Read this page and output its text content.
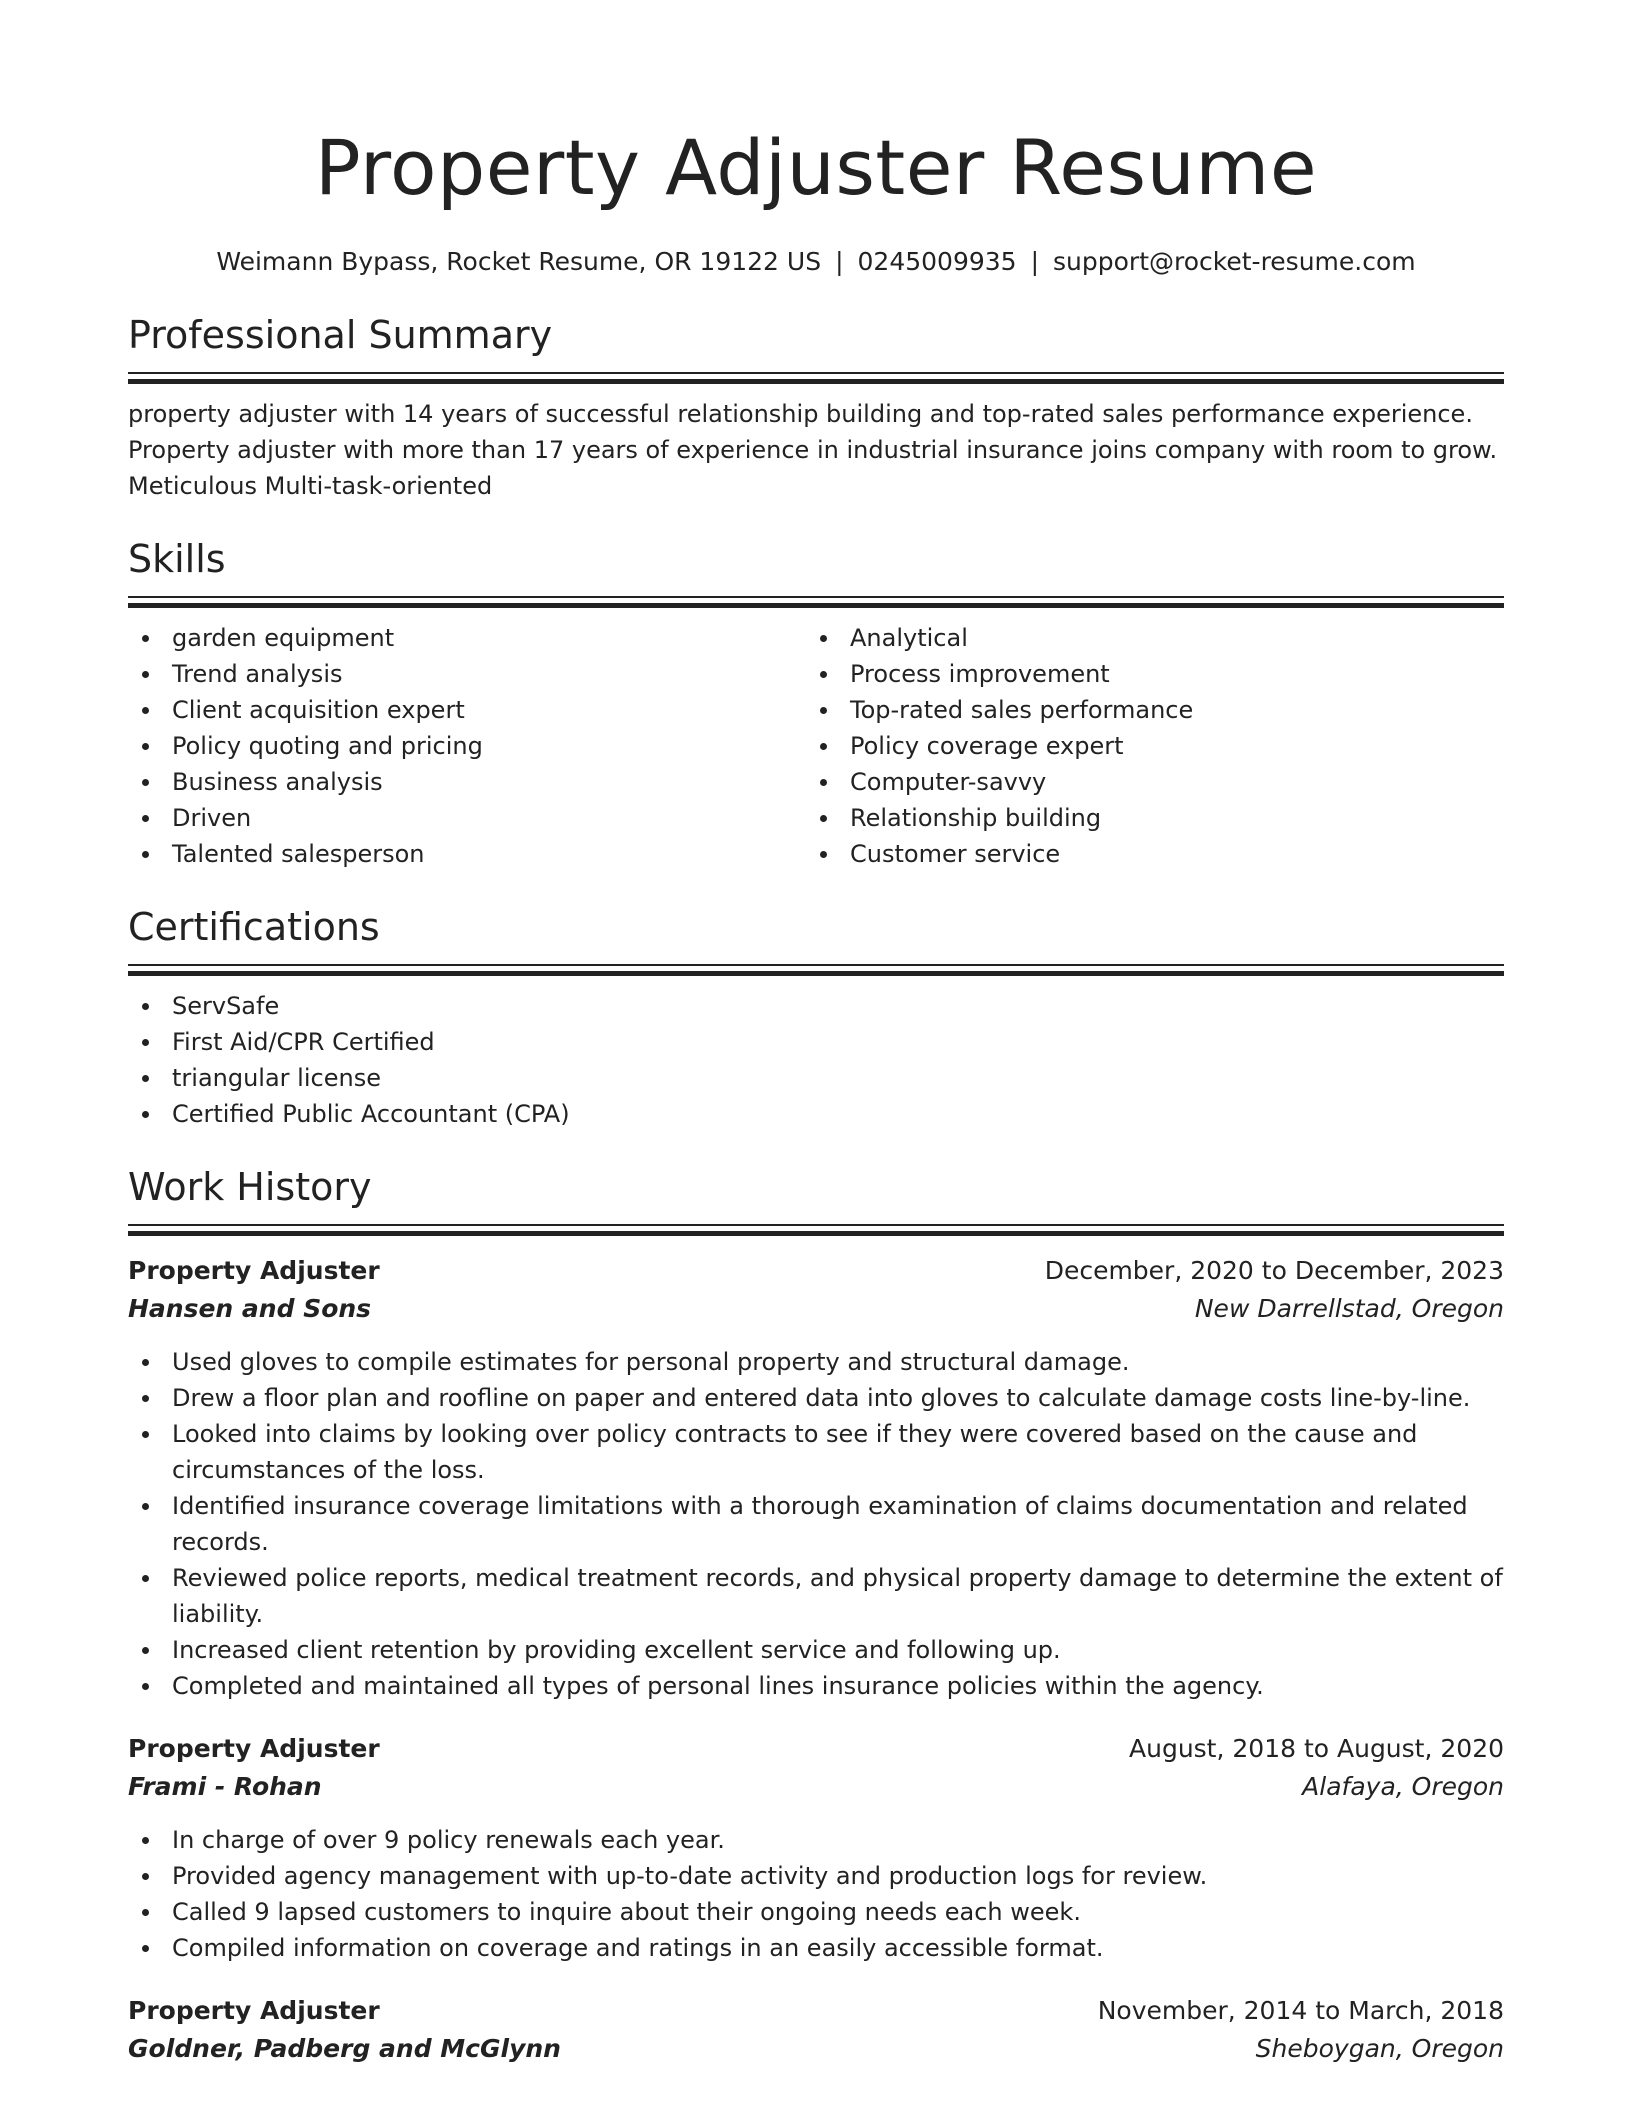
Property Adjuster Resume
Weimann Bypass, Rocket Resume, OR 19122 US | 0245009935 | support@rocket-resume.com
Professional Summary
property adjuster with 14 years of successful relationship building and top-rated sales performance experience.
Property adjuster with more than 17 years of experience in industrial insurance joins company with room to grow.
Meticulous Multi-task-oriented
Skills
garden equipment
Trend analysis
Client acquisition expert
Policy quoting and pricing
Business analysis
Driven
Talented salesperson
Analytical
Process improvement
Top-rated sales performance
Policy coverage expert
Computer-savvy
Relationship building
Customer service
Certifications
ServSafe
First Aid/CPR Certified
triangular license
Certified Public Accountant (CPA)
Work History
Property Adjuster	December, 2020 to December, 2023
Hansen and Sons	New Darrellstad, Oregon
Used gloves to compile estimates for personal property and structural damage.
Drew a floor plan and roofline on paper and entered data into gloves to calculate damage costs line-by-line.
Looked into claims by looking over policy contracts to see if they were covered based on the cause and circumstances of the loss.
Identified insurance coverage limitations with a thorough examination of claims documentation and related records.
Reviewed police reports, medical treatment records, and physical property damage to determine the extent of liability.
Increased client retention by providing excellent service and following up.
Completed and maintained all types of personal lines insurance policies within the agency.
Property Adjuster	August, 2018 to August, 2020
Frami - Rohan	Alafaya, Oregon
In charge of over 9 policy renewals each year.
Provided agency management with up-to-date activity and production logs for review.
Called 9 lapsed customers to inquire about their ongoing needs each week.
Compiled information on coverage and ratings in an easily accessible format.
Property Adjuster	November, 2014 to March, 2018
Goldner, Padberg and McGlynn	Sheboygan, Oregon
